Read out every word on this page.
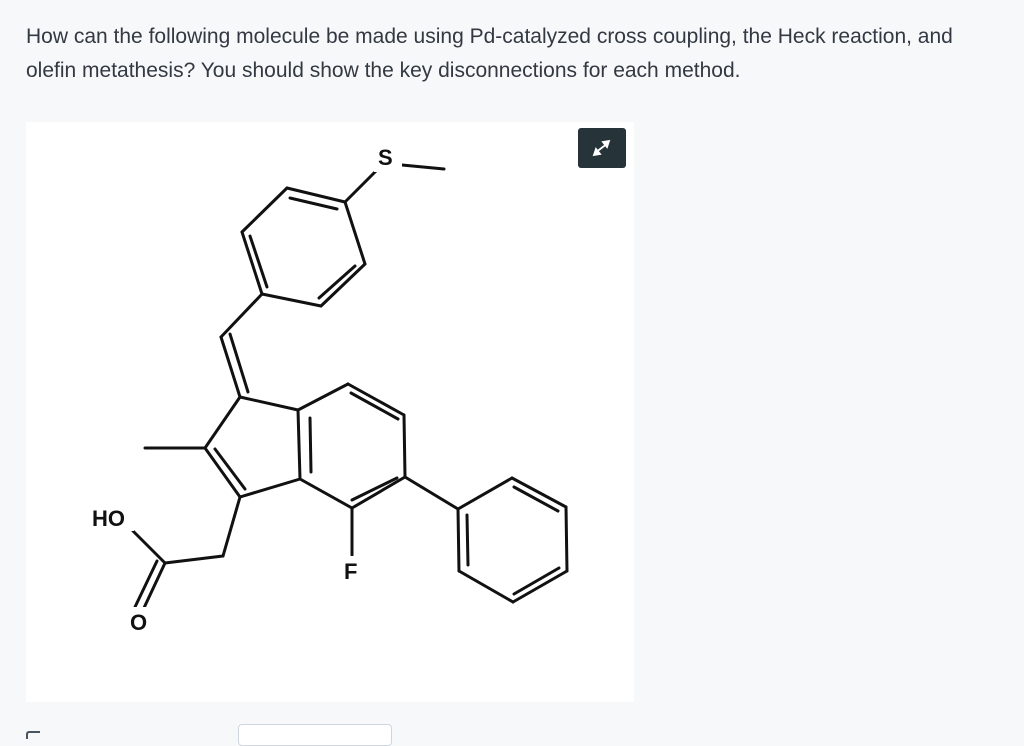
How can the following molecule be made using Pd-catalyzed cross coupling, the Heck reaction, and olefin metathesis? You should show the key disconnections for each method.
S
HO
F
O
